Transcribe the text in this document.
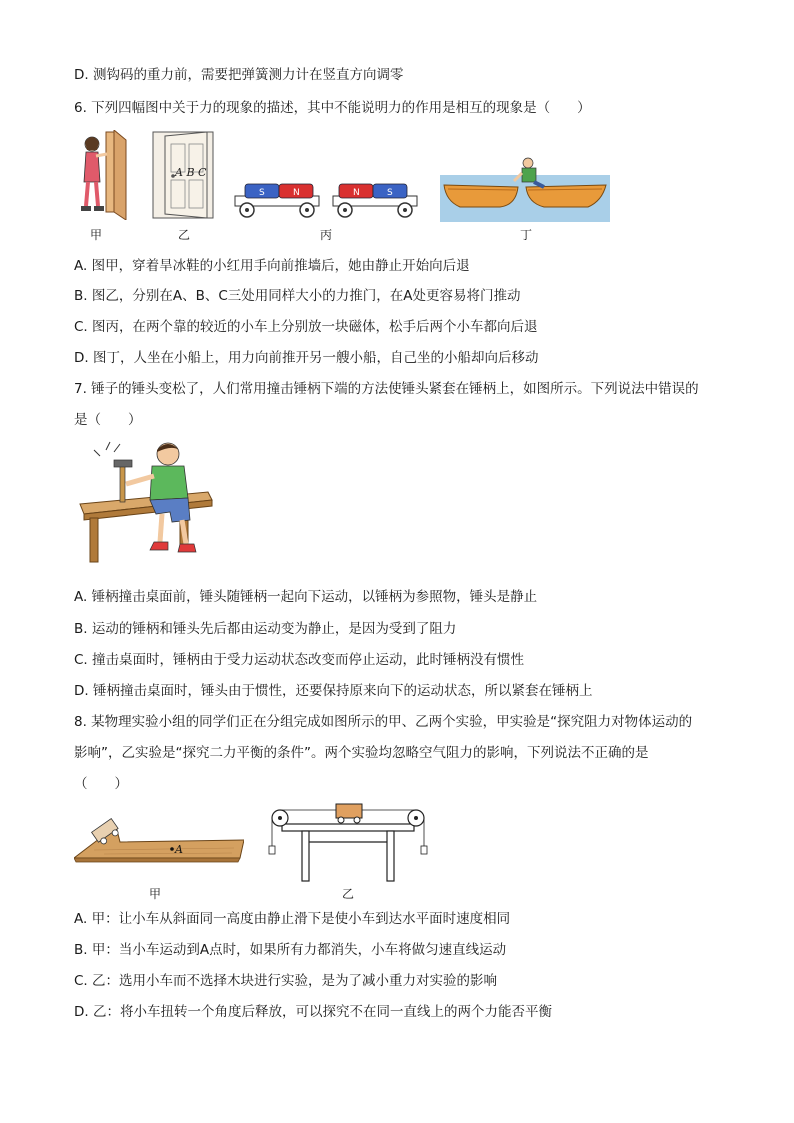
D. 测钩码的重力前，需要把弹簧测力计在竖直方向调零
6. 下列四幅图中关于力的现象的描述，其中不能说明力的作用是相互的现象是（　　）
甲
A B C
乙
S	N	N	S
丙	丁
A. 图甲，穿着旱冰鞋的小红用手向前推墙后，她由静止开始向后退
B. 图乙，分别在A、B、C三处用同样大小的力推门，在A处更容易将门推动
C. 图丙，在两个靠的较近的小车上分别放一块磁体，松手后两个小车都向后退
D. 图丁，人坐在小船上，用力向前推开另一艘小船，自己坐的小船却向后移动
7. 锤子的锤头变松了，人们常用撞击锤柄下端的方法使锤头紧套在锤柄上，如图所示。下列说法中错误的
是（　　）
A. 锤柄撞击桌面前，锤头随锤柄一起向下运动，以锤柄为参照物，锤头是静止
B. 运动的锤柄和锤头先后都由运动变为静止，是因为受到了阻力
C. 撞击桌面时，锤柄由于受力运动状态改变而停止运动，此时锤柄没有惯性
D. 锤柄撞击桌面时，锤头由于惯性，还要保持原来向下的运动状态，所以紧套在锤柄上
8. 某物理实验小组的同学们正在分组完成如图所示的甲、乙两个实验，甲实验是“探究阻力对物体运动的
影响”，乙实验是“探究二力平衡的条件”。两个实验均忽略空气阻力的影响，下列说法不正确的是
（　　）
A
甲	乙
A. 甲：让小车从斜面同一高度由静止滑下是使小车到达水平面时速度相同
B. 甲：当小车运动到A点时，如果所有力都消失，小车将做匀速直线运动
C. 乙：选用小车而不选择木块进行实验，是为了减小重力对实验的影响
D. 乙：将小车扭转一个角度后释放，可以探究不在同一直线上的两个力能否平衡
